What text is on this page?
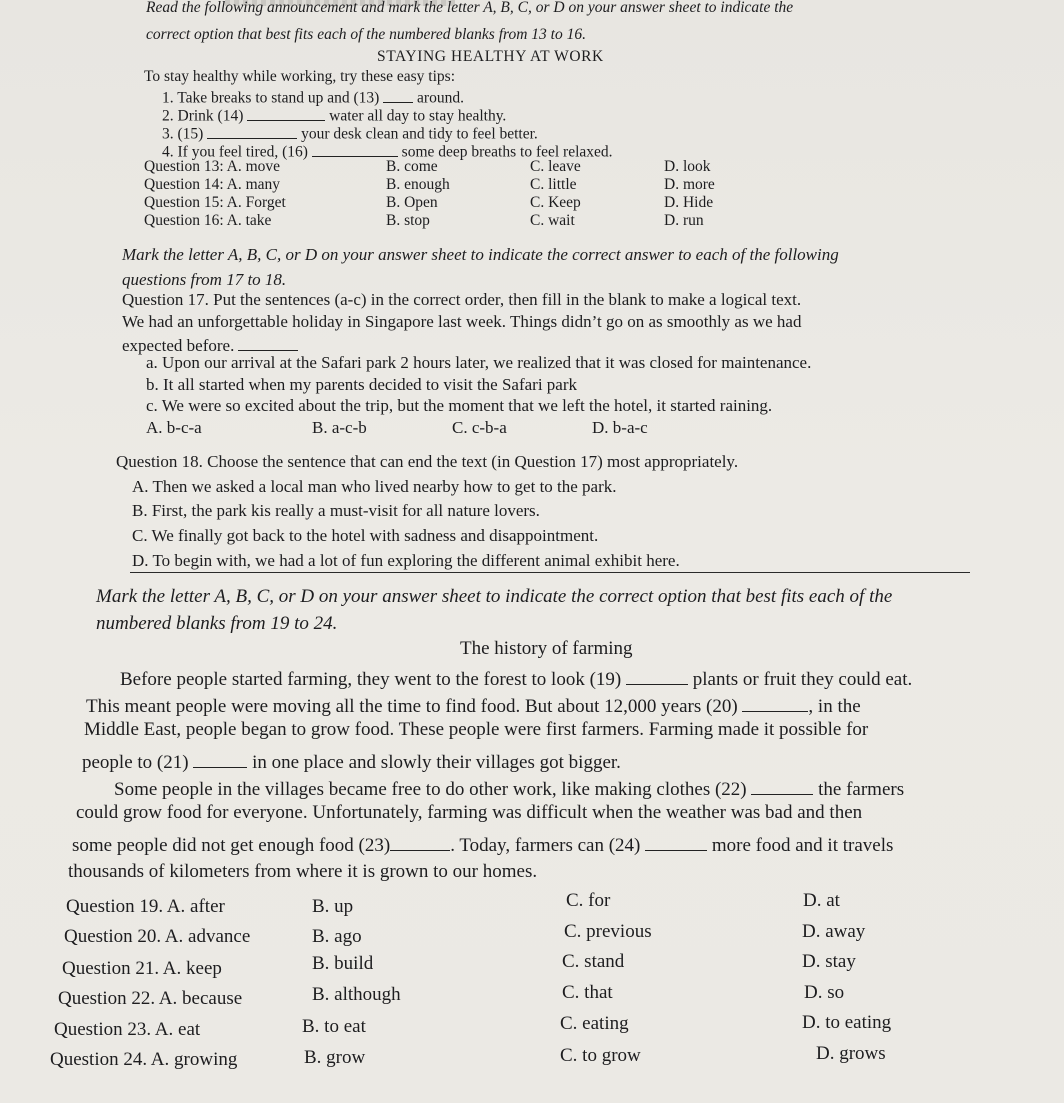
Read the following announcement and mark the letter A, B, C, or D on your answer sheet to indicate the
correct option that best fits each of the numbered blanks from 13 to 16.
STAYING HEALTHY AT WORK
To stay healthy while working, try these easy tips:
1. Take breaks to stand up and (13)  around.
2. Drink (14)	water all day to stay healthy.
3. (15)	your desk clean and tidy to feel better.
4. If you feel tired, (16)	some deep breaths to feel relaxed.
Question 13: A. move	B. come	C. leave	D. look
Question 14: A. many	B. enough	C. little	D. more
Question 15: A. Forget	B. Open	C. Keep	D. Hide
Question 16: A. take	B. stop	C. wait	D. run
Mark the letter A, B, C, or D on your answer sheet to indicate the correct answer to each of the following
questions from 17 to 18.
Question 17. Put the sentences (a-c) in the correct order, then fill in the blank to make a logical text.
We had an unforgettable holiday in Singapore last week. Things didn’t go on as smoothly as we had
expected before.
a. Upon our arrival at the Safari park 2 hours later, we realized that it was closed for maintenance.
b. It all started when my parents decided to visit the Safari park
c. We were so excited about the trip, but the moment that we left the hotel, it started raining.
A. b-c-a	B. a-c-b	C. c-b-a	D. b-a-c
Question 18. Choose the sentence that can end the text (in Question 17) most appropriately.
A. Then we asked a local man who lived nearby how to get to the park.
B. First, the park kis really a must-visit for all nature lovers.
C. We finally got back to the hotel with sadness and disappointment.
D. To begin with, we had a lot of fun exploring the different animal exhibit here.
Mark the letter A, B, C, or D on your answer sheet to indicate the correct option that best fits each of the
numbered blanks from 19 to 24.
The history of farming
Before people started farming, they went to the forest to look (19)	plants or fruit they could eat.
This meant people were moving all the time to find food. But about 12,000 years (20)	, in the
Middle East, people began to grow food. These people were first farmers. Farming made it possible for
people to (21)	in one place and slowly their villages got bigger.
Some people in the villages became free to do other work, like making clothes (22)	the farmers
could grow food for everyone. Unfortunately, farming was difficult when the weather was bad and then
some people did not get enough food (23)	. Today, farmers can (24)	more food and it travels
thousands of kilometers from where it is grown to our homes.
Question 19. A. after	B. up	C. for	D. at
Question 20. A. advance	B. ago	C. previous	D. away
Question 21. A. keep	B. build	C. stand	D. stay
Question 22. A. because	B. although	C. that	D. so
Question 23. A. eat	B. to eat	C. eating	D. to eating
Question 24. A. growing	B. grow	C. to grow	D. grows
